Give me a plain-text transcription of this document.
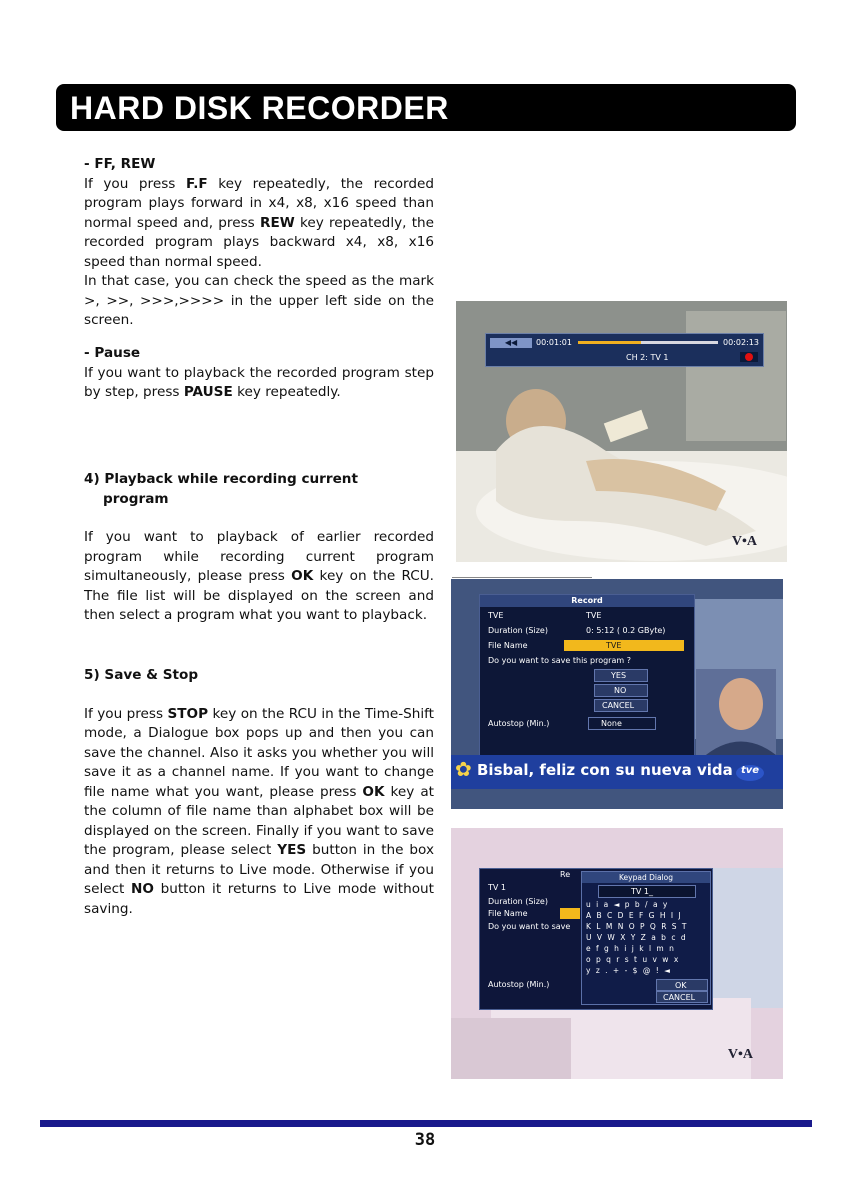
HARD DISK RECORDER

- FF, REW

If you press F.F key repeatedly, the recorded program plays forward in x4, x8, x16 speed than normal speed and, press REW key repeatedly, the recorded program plays backward x4, x8, x16 speed than normal speed.

In that case, you can check the speed as the mark >, >>, >>>,>>>> in the upper left side on the screen.

- Pause

If you want to playback the recorded program step by step, press PAUSE key repeatedly.

4) Playback while recording current

program

If you want to playback of earlier recorded program while recording current program simultaneously, please press OK key on the RCU. The file list will be displayed on the screen and then select a program what you want to playback.

5) Save & Stop

If you press STOP key on the RCU in the Time-Shift mode, a Dialogue box pops up and then you can save the channel. Also it asks you whether you will save it as a channel name. If you want to change file name what you want, please press OK key at the column of file name than alphabet box will be displayed on the screen. Finally if you want to save the program, please select YES button in the box and then it returns to Live mode. Otherwise if you select NO button it returns to Live mode without saving.

◀◀	00:01:01	00:02:13
CH 2: TV 1
V•A
Record
TVE	TVE
Duration (Size)	0: 5:12 ( 0.2 GByte)
File Name	TVE
Do you want to save this program ?
YES
NO
CANCEL
Autostop (Min.)	None
✿ Bisbal, feliz con su nueva vida tve
Re
TV 1
Duration (Size)
File Name
Do you want to save
Autostop (Min.)
Keypad Dialog
TV 1_
u i a ◄ p b / a y
A B C D E F G H I J
K L M N O P Q R S T
U V W X Y Z a b c d
e f g h i j k l m n
o p q r s t u v w x
y z . + - $ @ ! ◄
OK
CANCEL
V•A
38
